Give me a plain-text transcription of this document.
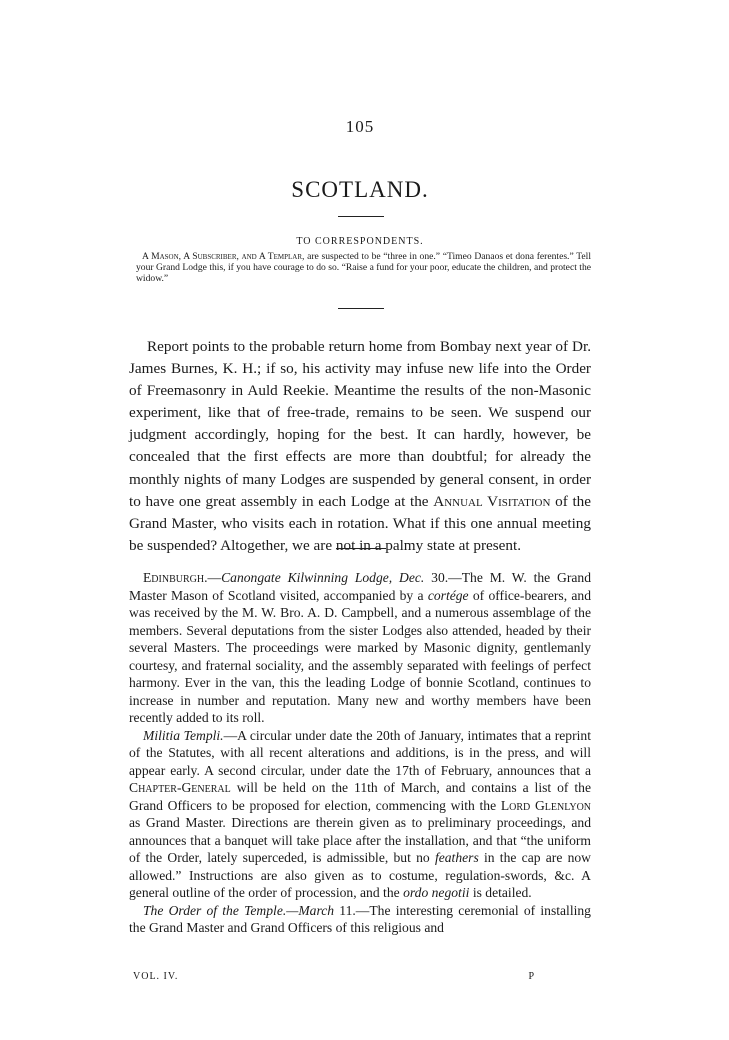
105
SCOTLAND.
TO CORRESPONDENTS.
A Mason, A Subscriber, and A Templar, are suspected to be “three in one.” “Timeo Danaos et dona ferentes.” Tell your Grand Lodge this, if you have courage to do so. “Raise a fund for your poor, educate the children, and protect the widow.”
Report points to the probable return home from Bombay next year of Dr. James Burnes, K. H.; if so, his activity may infuse new life into the Order of Freemasonry in Auld Reekie. Meantime the results of the non-Masonic experiment, like that of free-trade, remains to be seen. We suspend our judgment accordingly, hoping for the best. It can hardly, however, be concealed that the first effects are more than doubtful; for already the monthly nights of many Lodges are suspended by general consent, in order to have one great assembly in each Lodge at the Annual Visitation of the Grand Master, who visits each in rotation. What if this one annual meeting be suspended? Altogether, we are not in a palmy state at present.

Edinburgh.—Canongate Kilwinning Lodge, Dec. 30.—The M. W. the Grand Master Mason of Scotland visited, accompanied by a cortége of office-bearers, and was received by the M. W. Bro. A. D. Campbell, and a numerous assemblage of the members. Several deputations from the sister Lodges also attended, headed by their several Masters. The proceedings were marked by Masonic dignity, gentlemanly courtesy, and fraternal sociality, and the assembly separated with feelings of perfect harmony. Ever in the van, this the leading Lodge of bonnie Scotland, continues to increase in number and reputation. Many new and worthy members have been recently added to its roll.

Militia Templi.—A circular under date the 20th of January, intimates that a reprint of the Statutes, with all recent alterations and additions, is in the press, and will appear early. A second circular, under date the 17th of February, announces that a Chapter-General will be held on the 11th of March, and contains a list of the Grand Officers to be proposed for election, commencing with the Lord Glenlyon as Grand Master. Directions are therein given as to preliminary proceedings, and announces that a banquet will take place after the installation, and that “the uniform of the Order, lately superceded, is admissible, but no feathers in the cap are now allowed.” Instructions are also given as to costume, regulation-swords, &c. A general outline of the order of procession, and the ordo negotii is detailed.

The Order of the Temple.—March 11.—The interesting ceremonial of installing the Grand Master and Grand Officers of this religious and

VOL. IV.	P
